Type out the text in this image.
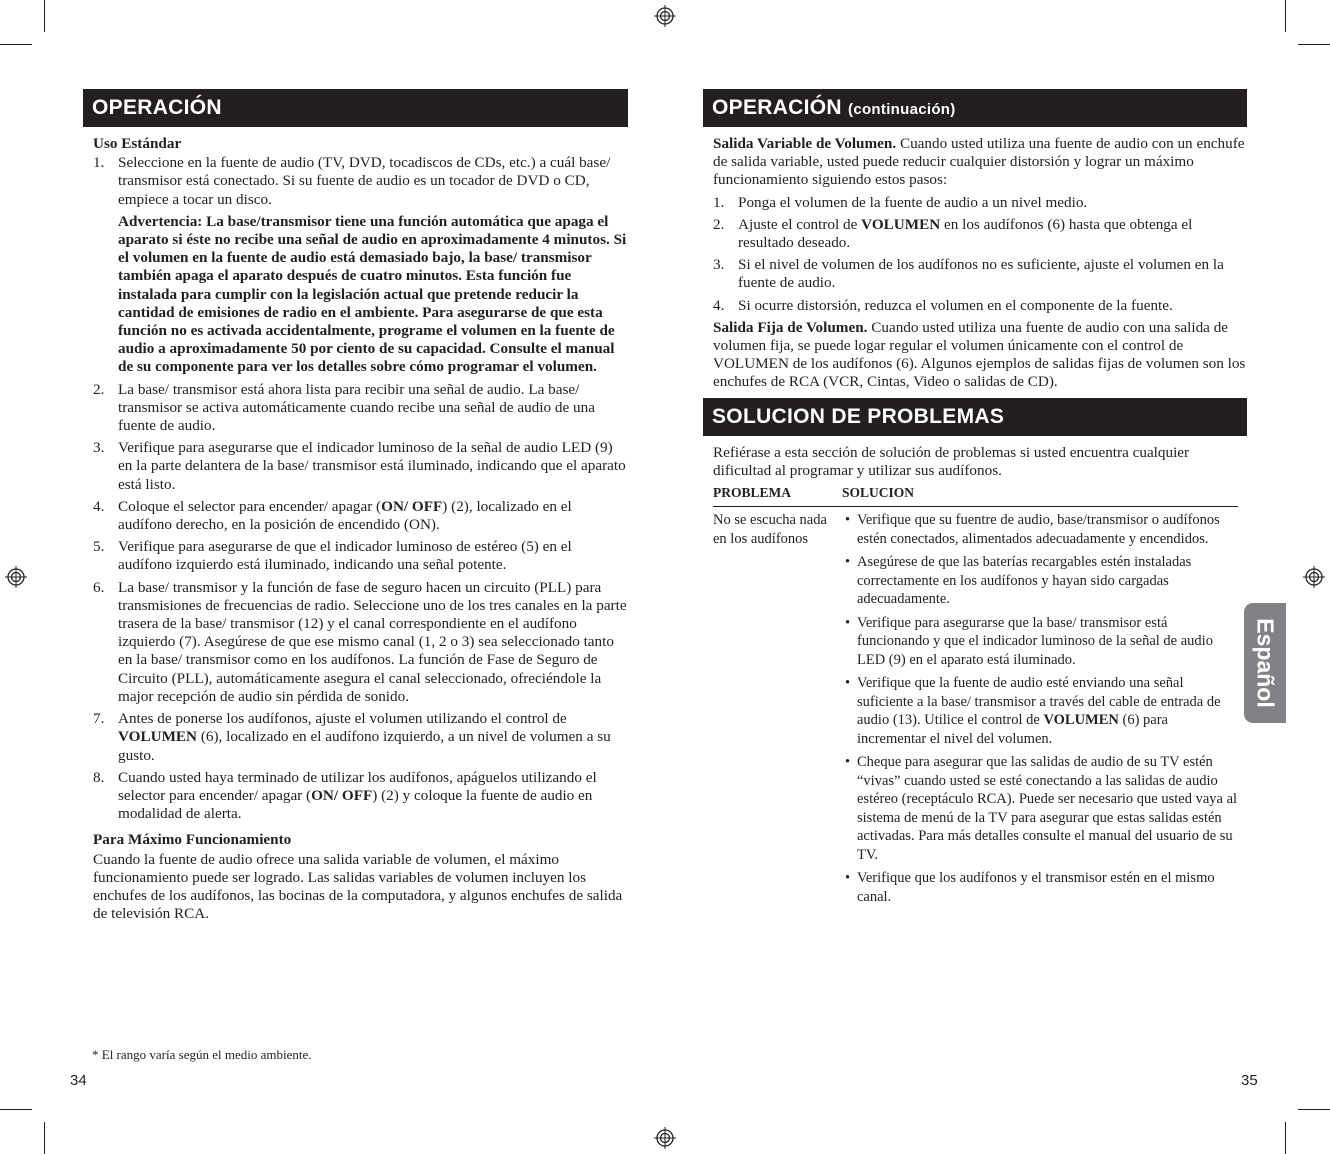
OPERACIÓN
Uso Estándar
1. Seleccione en la fuente de audio (TV, DVD, tocadiscos de CDs, etc.) a cuál base/ transmisor está conectado. Si su fuente de audio es un tocador de DVD o CD, empiece a tocar un disco.
Advertencia: La base/transmisor tiene una función automática que apaga el aparato si éste no recibe una señal de audio en aproximadamente 4 minutos. Si el volumen en la fuente de audio está demasiado bajo, la base/ transmisor también apaga el aparato después de cuatro minutos. Esta función fue instalada para cumplir con la legislación actual que pretende reducir la cantidad de emisiones de radio en el ambiente. Para asegurarse de que esta función no es activada accidentalmente, programe el volumen en la fuente de audio a aproximadamente 50 por ciento de su capacidad. Consulte el manual de su componente para ver los detalles sobre cómo programar el volumen.
2. La base/ transmisor está ahora lista para recibir una señal de audio. La base/ transmisor se activa automáticamente cuando recibe una señal de audio de una fuente de audio.
3. Verifique para asegurarse que el indicador luminoso de la señal de audio LED (9) en la parte delantera de la base/ transmisor está iluminado, indicando que el aparato está listo.
4. Coloque el selector para encender/ apagar (ON/ OFF) (2), localizado en el audífono derecho, en la posición de encendido (ON).
5. Verifique para asegurarse de que el indicador luminoso de estéreo (5) en el audífono izquierdo está iluminado, indicando una señal potente.
6. La base/ transmisor y la función de fase de seguro hacen un circuito (PLL) para transmisiones de frecuencias de radio. Seleccione uno de los tres canales en la parte trasera de la base/ transmisor (12) y el canal correspondiente en el audífono izquierdo (7). Asegúrese de que ese mismo canal (1, 2 o 3) sea seleccionado tanto en la base/ transmisor como en los audífonos. La función de Fase de Seguro de Circuito (PLL), automáticamente asegura el canal seleccionado, ofreciéndole la major recepción de audio sin pérdida de sonido.
7. Antes de ponerse los audífonos, ajuste el volumen utilizando el control de VOLUMEN (6), localizado en el audífono izquierdo, a un nivel de volumen a su gusto.
8. Cuando usted haya terminado de utilizar los audífonos, apáguelos utilizando el selector para encender/ apagar (ON/ OFF) (2) y coloque la fuente de audio en modalidad de alerta.
Para Máximo Funcionamiento
Cuando la fuente de audio ofrece una salida variable de volumen, el máximo funcionamiento puede ser logrado. Las salidas variables de volumen incluyen los enchufes de los audífonos, las bocinas de la computadora, y algunos enchufes de salida de televisión RCA.
* El rango varía según el medio ambiente.
34
OPERACIÓN (continuación)
Salida Variable de Volumen. Cuando usted utiliza una fuente de audio con un enchufe de salida variable, usted puede reducir cualquier distorsión y lograr un máximo funcionamiento siguiendo estos pasos:
1. Ponga el volumen de la fuente de audio a un nivel medio.
2. Ajuste el control de VOLUMEN en los audífonos (6) hasta que obtenga el resultado deseado.
3. Si el nivel de volumen de los audífonos no es suficiente, ajuste el volumen en la fuente de audio.
4. Si ocurre distorsión, reduzca el volumen en el componente de la fuente.
Salida Fija de Volumen. Cuando usted utiliza una fuente de audio con una salida de volumen fija, se puede logar regular el volumen únicamente con el control de VOLUMEN de los audífonos (6). Algunos ejemplos de salidas fijas de volumen son los enchufes de RCA (VCR, Cintas, Video o salidas de CD).
SOLUCION DE PROBLEMAS
Refiérase a esta sección de solución de problemas si usted encuentra cualquier dificultad al programar y utilizar sus audífonos.
PROBLEMA	SOLUCION
No se escucha nada en los audífonos
• Verifique que su fuentre de audio, base/transmisor o audífonos estén conectados, alimentados adecuadamente y encendidos.
• Asegúrese de que las baterías recargables estén instaladas correctamente en los audífonos y hayan sido cargadas adecuadamente.
• Verifique para asegurarse que la base/ transmisor está funcionando y que el indicador luminoso de la señal de audio LED (9) en el aparato está iluminado.
• Verifique que la fuente de audio esté enviando una señal suficiente a la base/ transmisor a través del cable de entrada de audio (13). Utilice el control de VOLUMEN (6) para incrementar el nivel del volumen.
• Cheque para asegurar que las salidas de audio de su TV estén “vivas” cuando usted se esté conectando a las salidas de audio estéreo (receptáculo RCA). Puede ser necesario que usted vaya al sistema de menú de la TV para asegurar que estas salidas estén activadas. Para más detalles consulte el manual del usuario de su TV.
• Verifique que los audífonos y el transmisor estén en el mismo canal.
35
Español
